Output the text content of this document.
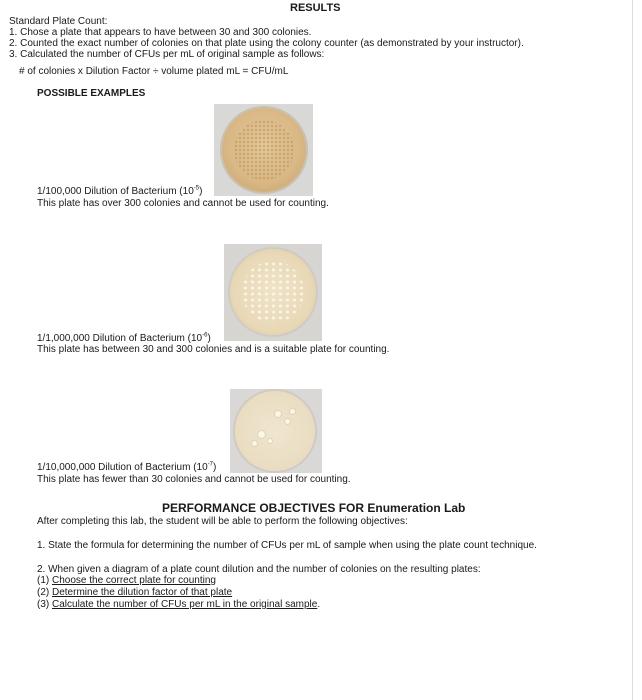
RESULTS
Standard Plate Count:
1. Chose a plate that appears to have between 30 and 300 colonies.
2. Counted the exact number of colonies on that plate using the colony counter (as demonstrated by your instructor).
3. Calculated the number of CFUs per mL of original sample as follows:
# of colonies x Dilution Factor ÷ volume plated mL = CFU/mL
POSSIBLE EXAMPLES
1/100,000 Dilution of Bacterium $(10^{-5})$
This plate has over 300 colonies and cannot be used for counting.
1/1,000,000 Dilution of Bacterium $(10^{-6})$
This plate has between 30 and 300 colonies and is a suitable plate for counting.
1/10,000,000 Dilution of Bacterium $(10^{-7})$
This plate has fewer than 30 colonies and cannot be used for counting.
PERFORMANCE OBJECTIVES FOR Enumeration Lab
After completing this lab, the student will be able to perform the following objectives:
1. State the formula for determining the number of CFUs per mL of sample when using the plate count technique.
2. When given a diagram of a plate count dilution and the number of colonies on the resulting plates:
(1) Choose the correct plate for counting
(2) Determine the dilution factor of that plate
(3) Calculate the number of CFUs per mL in the original sample.
